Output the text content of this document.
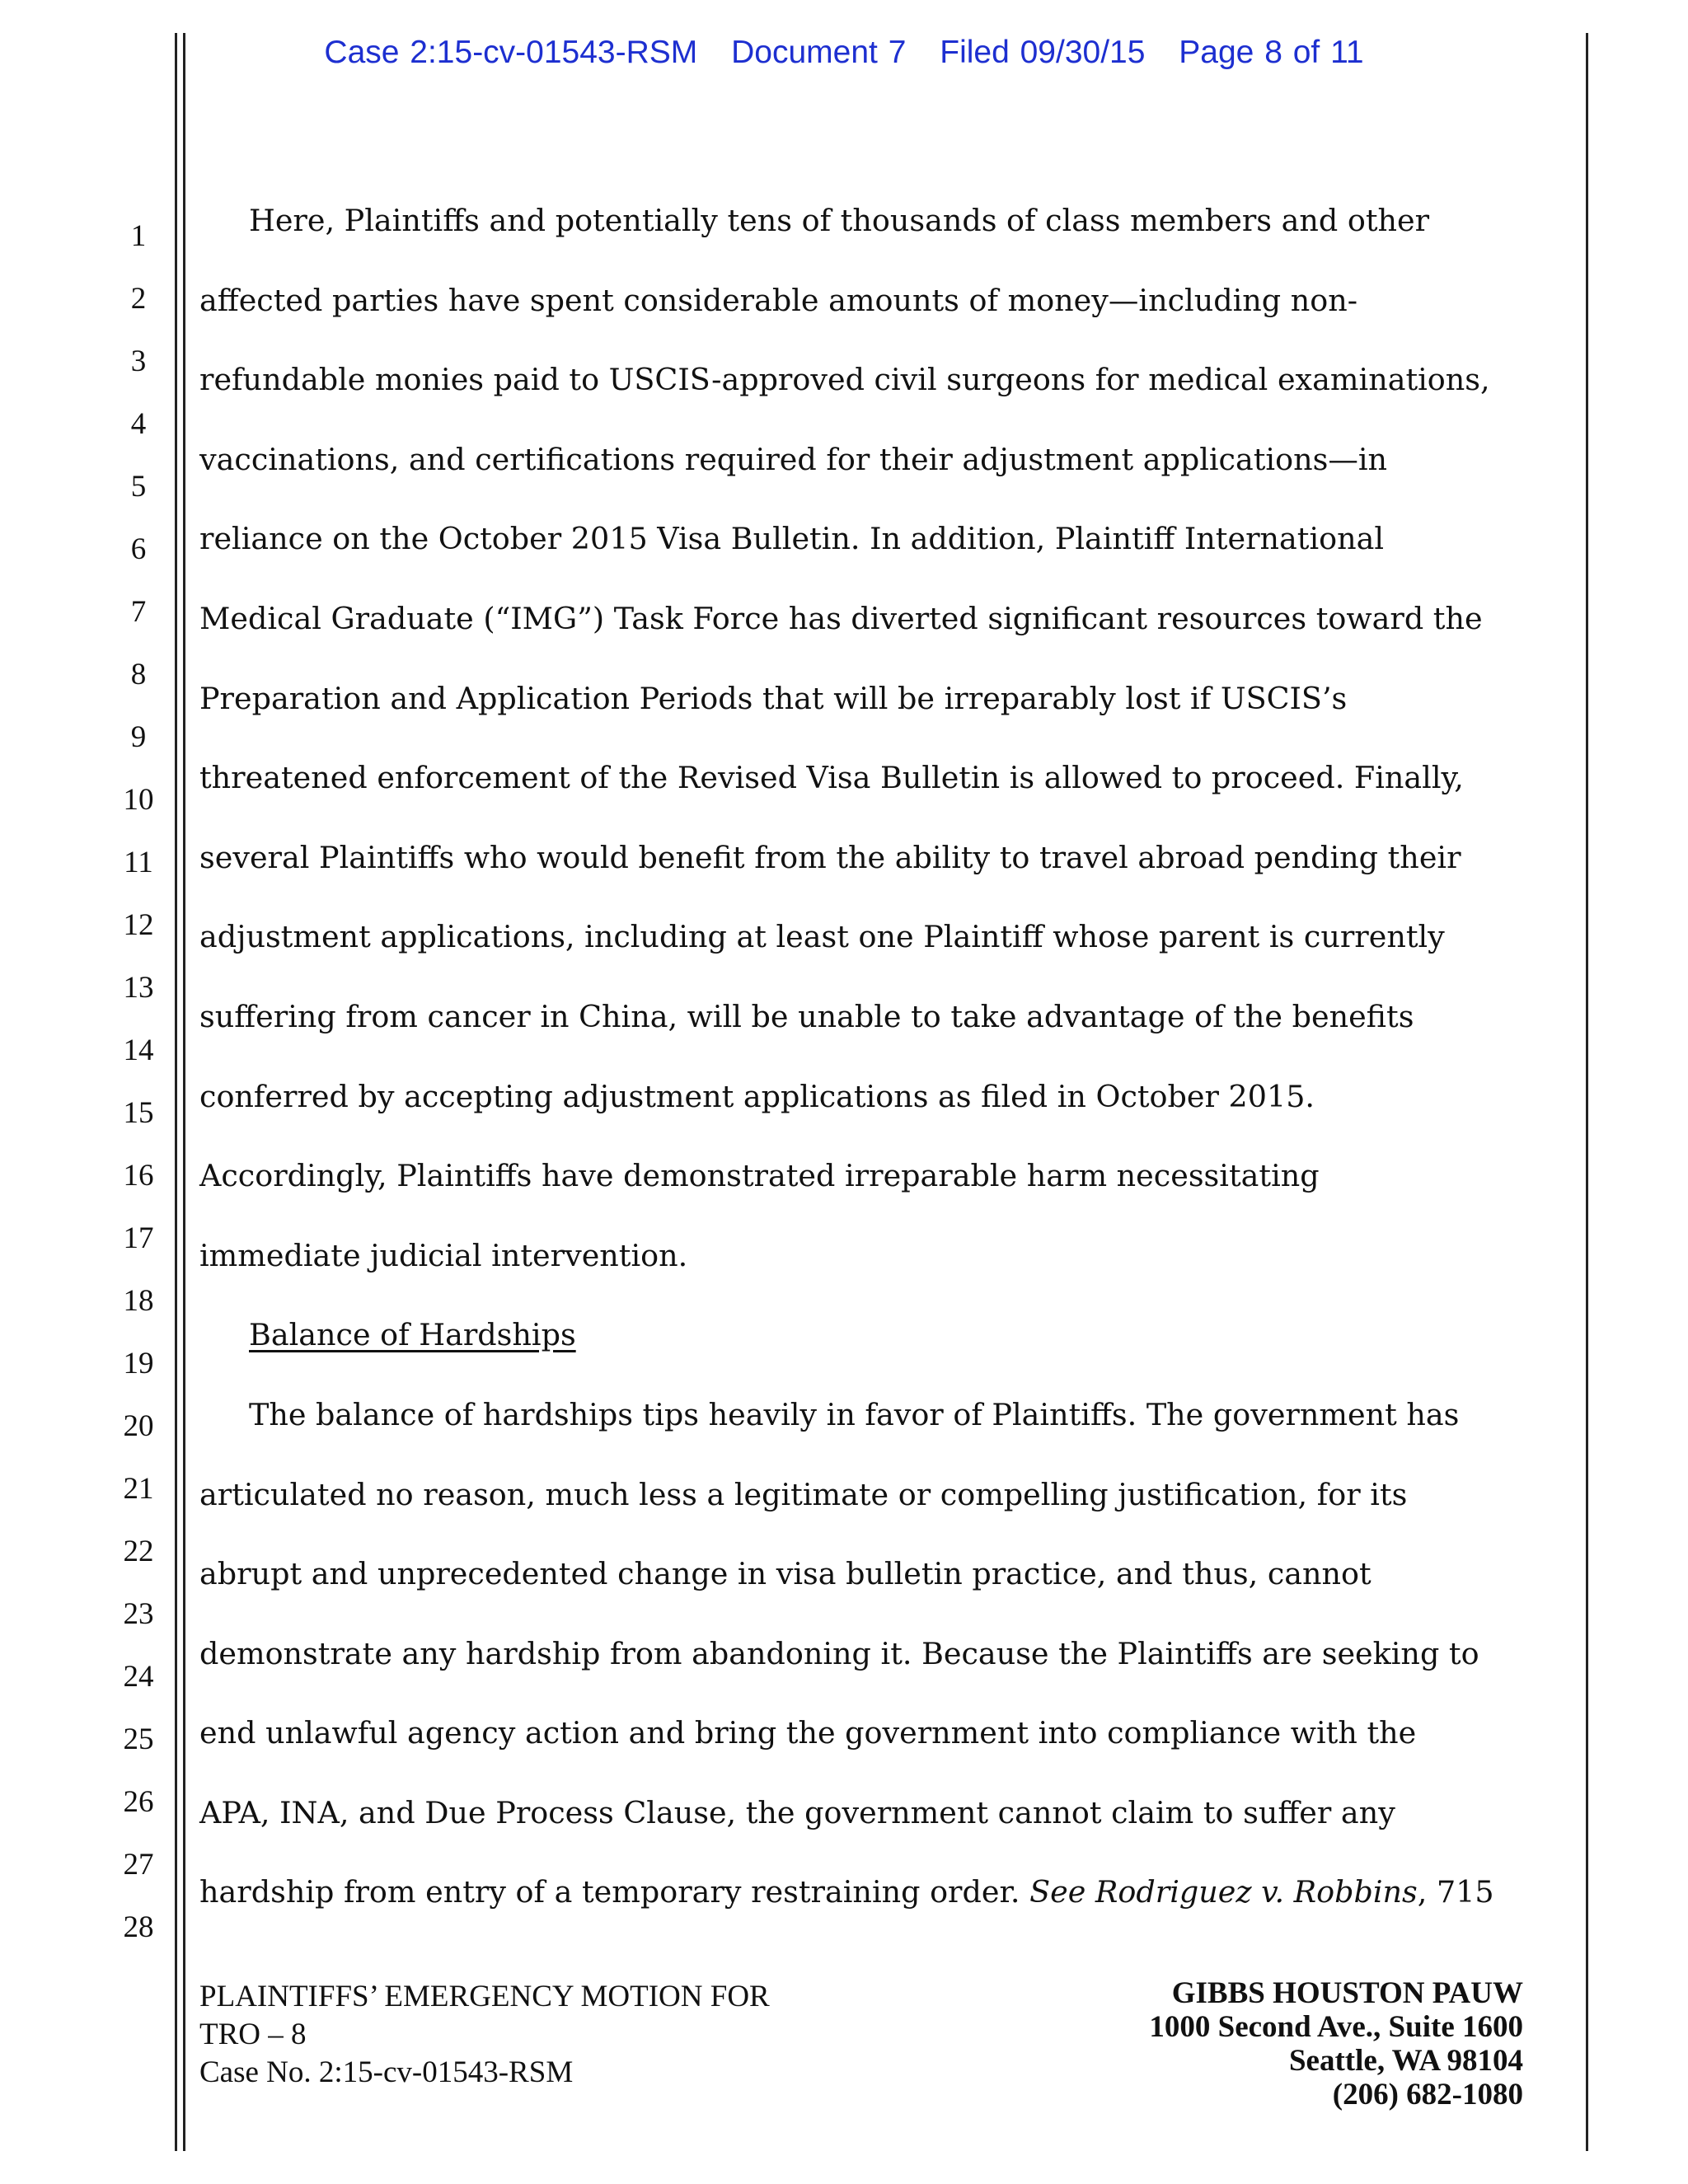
Case 2:15-cv-01543-RSM Document 7 Filed 09/30/15 Page 8 of 11
1
2
3
4
5
6
7
8
9
10
11
12
13
14
15
16
17
18
19
20
21
22
23
24
25
26
27
28
Here, Plaintiffs and potentially tens of thousands of class members and other
affected parties have spent considerable amounts of money—including non-
refundable monies paid to USCIS-approved civil surgeons for medical examinations,
vaccinations, and certifications required for their adjustment applications—in
reliance on the October 2015 Visa Bulletin. In addition, Plaintiff International
Medical Graduate (“IMG”) Task Force has diverted significant resources toward the
Preparation and Application Periods that will be irreparably lost if USCIS’s
threatened enforcement of the Revised Visa Bulletin is allowed to proceed. Finally,
several Plaintiffs who would benefit from the ability to travel abroad pending their
adjustment applications, including at least one Plaintiff whose parent is currently
suffering from cancer in China, will be unable to take advantage of the benefits
conferred by accepting adjustment applications as filed in October 2015.
Accordingly, Plaintiffs have demonstrated irreparable harm necessitating
immediate judicial intervention.
Balance of Hardships
The balance of hardships tips heavily in favor of Plaintiffs. The government has
articulated no reason, much less a legitimate or compelling justification, for its
abrupt and unprecedented change in visa bulletin practice, and thus, cannot
demonstrate any hardship from abandoning it. Because the Plaintiffs are seeking to
end unlawful agency action and bring the government into compliance with the
APA, INA, and Due Process Clause, the government cannot claim to suffer any
hardship from entry of a temporary restraining order. See Rodriguez v. Robbins, 715
PLAINTIFFS’ EMERGENCY MOTION FOR
TRO – 8
Case No. 2:15-cv-01543-RSM
GIBBS HOUSTON PAUW
1000 Second Ave., Suite 1600
Seattle, WA 98104
(206) 682-1080
